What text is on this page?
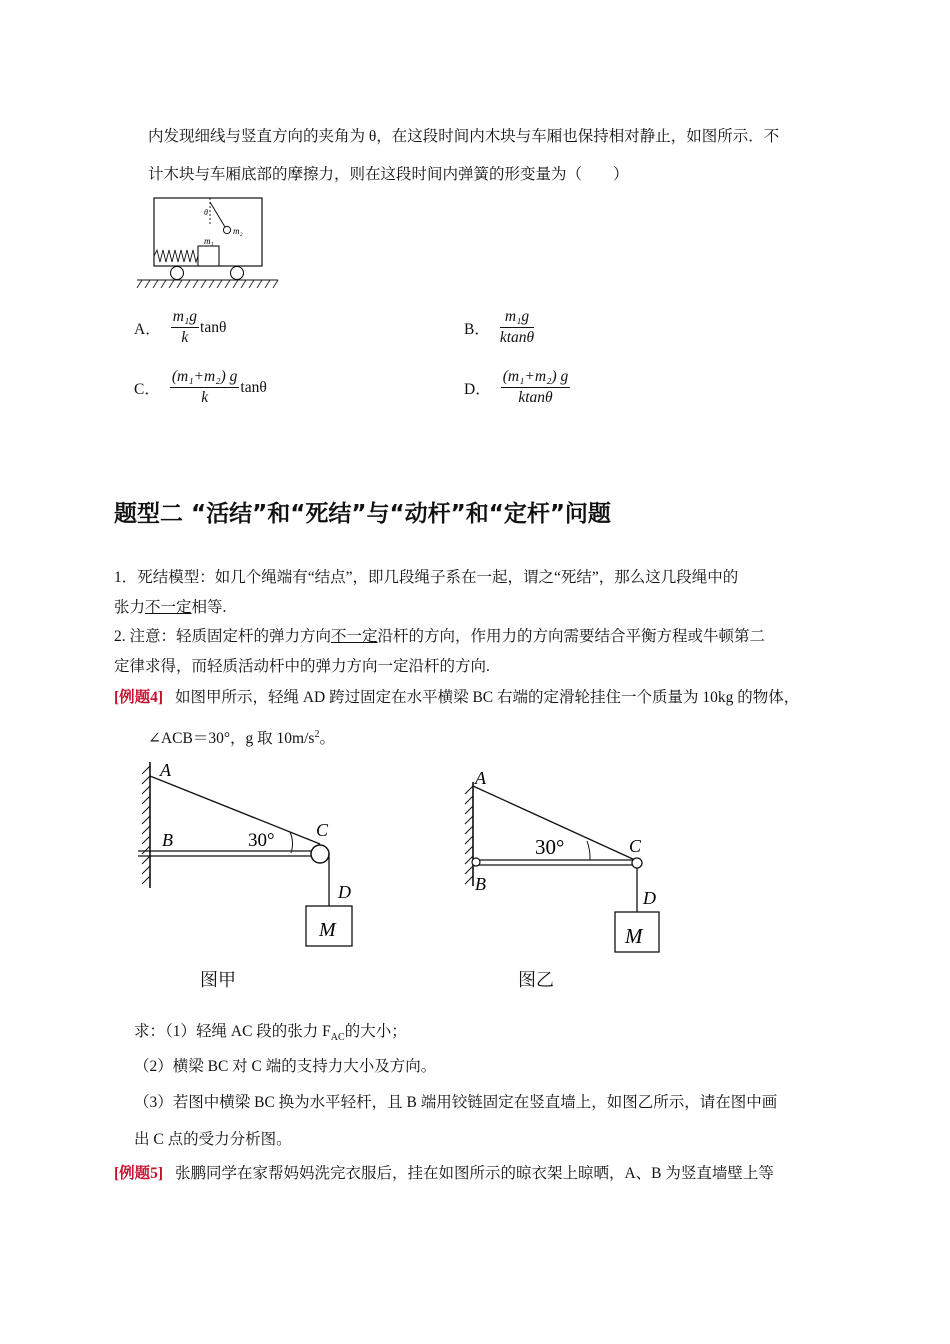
内发现细线与竖直方向的夹角为 θ，在这段时间内木块与车厢也保持相对静止，如图所示．不
计木块与车厢底部的摩擦力，则在这段时间内弹簧的形变量为（　　）
θ
m₂
m₁
A． $\frac{\text{m₁g}}{k}$ tanθ	B． $\frac{\text{m₁g}}{ktan\theta}$
C． $\frac{\text{(m₁+m₂) g}}{k}$ tanθ	D． $\frac{\text{(m₁+m₂) g}}{ktan\theta}$
题型二 “活结”和“死结”与“动杆”和“定杆”问题
1．死结模型：如几个绳端有“结点”，即几段绳子系在一起，谓之“死结”，那么这几段绳中的
张力不一定相等.
2. 注意：轻质固定杆的弹力方向不一定沿杆的方向，作用力的方向需要结合平衡方程或牛顿第二
定律求得，而轻质活动杆中的弹力方向一定沿杆的方向.
[例题4] 如图甲所示，轻绳 AD 跨过固定在水平横梁 BC 右端的定滑轮挂住一个质量为 10kg 的物体，
∠ACB＝30°，g 取 $10m/s^2$。
A
B	30° C
D
M
图甲
A
B
30°	C
D
M
图乙
求：（1）轻绳 AC 段的张力 $F_{AC}$的大小；
（2）横梁 BC 对 C 端的支持力大小及方向。
（3）若图中横梁 BC 换为水平轻杆，且 B 端用铰链固定在竖直墙上，如图乙所示，请在图中画
出 C 点的受力分析图。
[例题5] 张鹏同学在家帮妈妈洗完衣服后，挂在如图所示的晾衣架上晾晒，A、B 为竖直墙壁上等
